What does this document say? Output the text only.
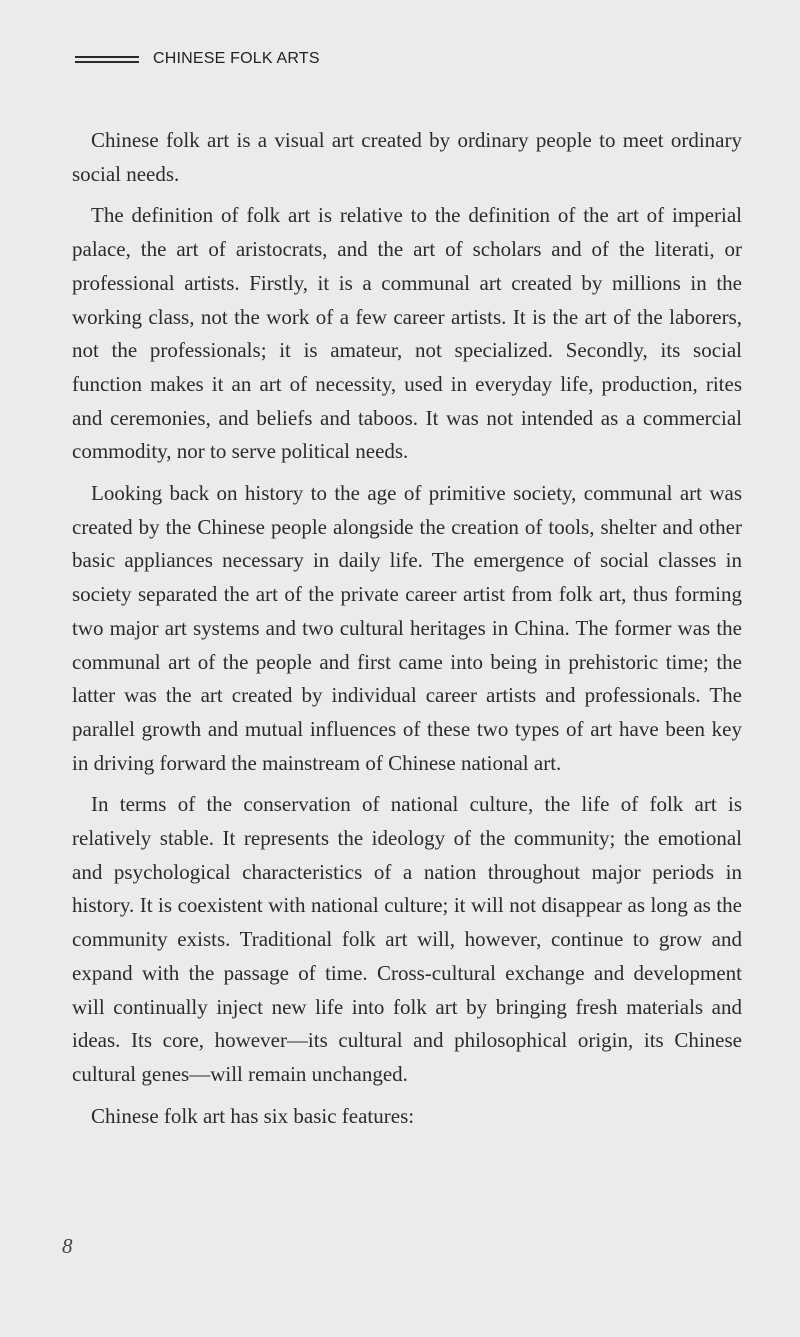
CHINESE FOLK ARTS

Chinese folk art is a visual art created by ordinary people to meet ordinary social needs.

The definition of folk art is relative to the definition of the art of imperial palace, the art of aristocrats, and the art of scholars and of the literati, or professional artists. Firstly, it is a communal art created by millions in the working class, not the work of a few career artists. It is the art of the laborers, not the professionals; it is amateur, not specialized. Secondly, its social function makes it an art of necessity, used in everyday life, production, rites and ceremonies, and beliefs and taboos. It was not intended as a commercial commodity, nor to serve political needs.

Looking back on history to the age of primitive society, communal art was created by the Chinese people alongside the creation of tools, shelter and other basic appliances necessary in daily life. The emergence of social classes in society separated the art of the private career artist from folk art, thus forming two major art systems and two cultural heritages in China. The former was the communal art of the people and first came into being in prehistoric time; the latter was the art created by individual career artists and professionals. The parallel growth and mutual influences of these two types of art have been key in driving forward the mainstream of Chinese national art.

In terms of the conservation of national culture, the life of folk art is relatively stable. It represents the ideology of the community; the emotional and psychological characteristics of a nation throughout major periods in history. It is coexistent with national culture; it will not disappear as long as the community exists. Traditional folk art will, however, continue to grow and expand with the passage of time. Cross-cultural exchange and development will continually inject new life into folk art by bringing fresh materials and ideas. Its core, however—its cultural and philosophical origin, its Chinese cultural genes—will remain unchanged.

Chinese folk art has six basic features:

8
